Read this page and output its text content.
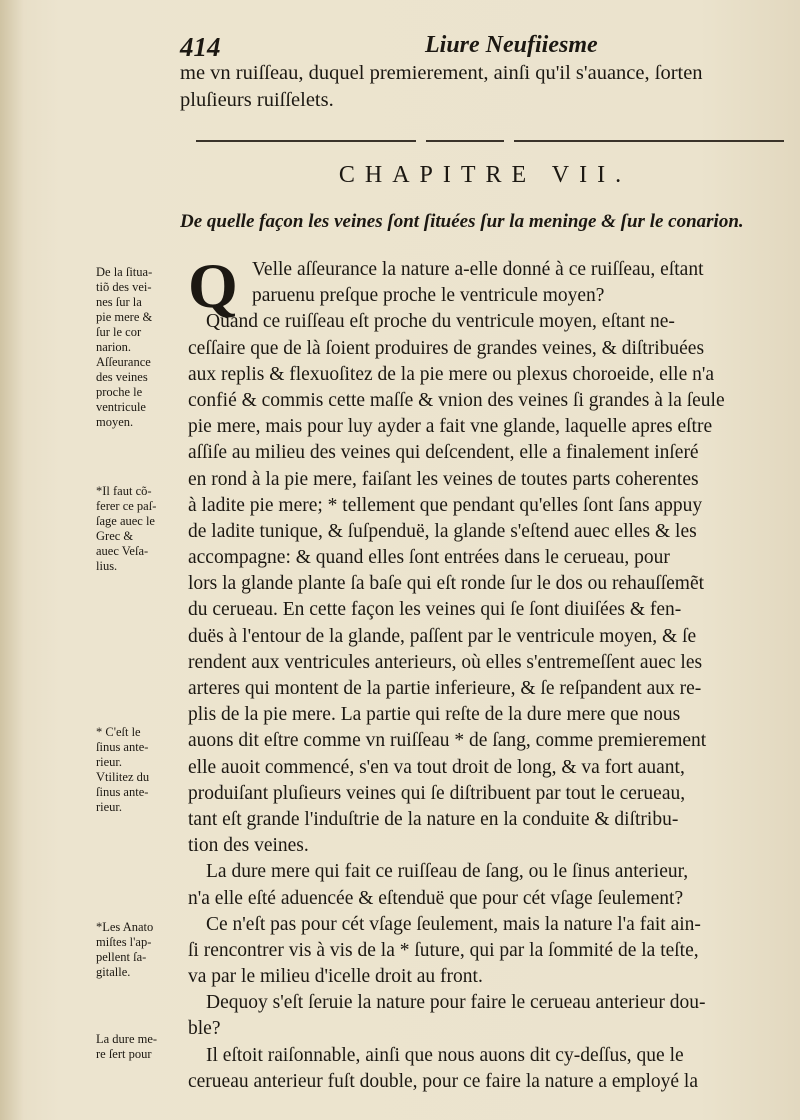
414	Liure Neufiiesme
me vn ruiſſeau, duquel premierement, ainſi qu'il s'auance, ſorten
pluſieurs ruiſſelets.
CHAPITRE VII.
De quelle façon les veines ſont ſituées ſur la meninge & ſur le conarion.
Q Velle aſſeurance la nature a-elle donné à ce ruiſſeau, eſtant
paruenu preſque proche le ventricule moyen?
Quand ce ruiſſeau eſt proche du ventricule moyen, eſtant ne-
ceſſaire que de là ſoient produires de grandes veines, & diſtribuées
aux replis & flexuoſitez de la pie mere ou plexus choroeide, elle n'a
confié & commis cette maſſe & vnion des veines ſi grandes à la ſeule
pie mere, mais pour luy ayder a fait vne glande, laquelle apres eſtre
aſſiſe au milieu des veines qui deſcendent, elle a finalement inſeré
en rond à la pie mere, faiſant les veines de toutes parts coherentes
à ladite pie mere; * tellement que pendant qu'elles ſont ſans appuy
de ladite tunique, & ſuſpenduë, la glande s'eſtend auec elles & les
accompagne: & quand elles ſont entrées dans le cerueau, pour
lors la glande plante ſa baſe qui eſt ronde ſur le dos ou rehauſſemẽt
du cerueau. En cette façon les veines qui ſe ſont diuiſées & fen-
duës à l'entour de la glande, paſſent par le ventricule moyen, & ſe
rendent aux ventricules anterieurs, où elles s'entremeſſent auec les
arteres qui montent de la partie inferieure, & ſe reſpandent aux re-
plis de la pie mere. La partie qui reſte de la dure mere que nous
auons dit eſtre comme vn ruiſſeau * de ſang, comme premierement
elle auoit commencé, s'en va tout droit de long, & va fort auant,
produiſant pluſieurs veines qui ſe diſtribuent par tout le cerueau,
tant eſt grande l'induſtrie de la nature en la conduite & diſtribu-
tion des veines.
La dure mere qui fait ce ruiſſeau de ſang, ou le ſinus anterieur,
n'a elle eſté aduencée & eſtenduë que pour cét vſage ſeulement?
Ce n'eſt pas pour cét vſage ſeulement, mais la nature l'a fait ain-
ſi rencontrer vis à vis de la * ſuture, qui par la ſommité de la teſte,
va par le milieu d'icelle droit au front.
Dequoy s'eſt ſeruie la nature pour faire le cerueau anterieur dou-
ble?
Il eſtoit raiſonnable, ainſi que nous auons dit cy-deſſus, que le
cerueau anterieur fuſt double, pour ce faire la nature a employé la
De la ſitua-
tiõ des vei-
nes ſur la
pie mere &
ſur le cor
narion.
Aſſeurance
des veines
proche le
ventricule
moyen.
*Il faut cõ-
ferer ce paſ-
ſage auec le
Grec &
auec Veſa-
lius.
* C'eſt le
ſinus ante-
rieur.
Vtilitez du
ſinus ante-
rieur.
*Les Anato
miſtes l'ap-
pellent ſa-
gitalle.
La dure me-
re ſert pour
